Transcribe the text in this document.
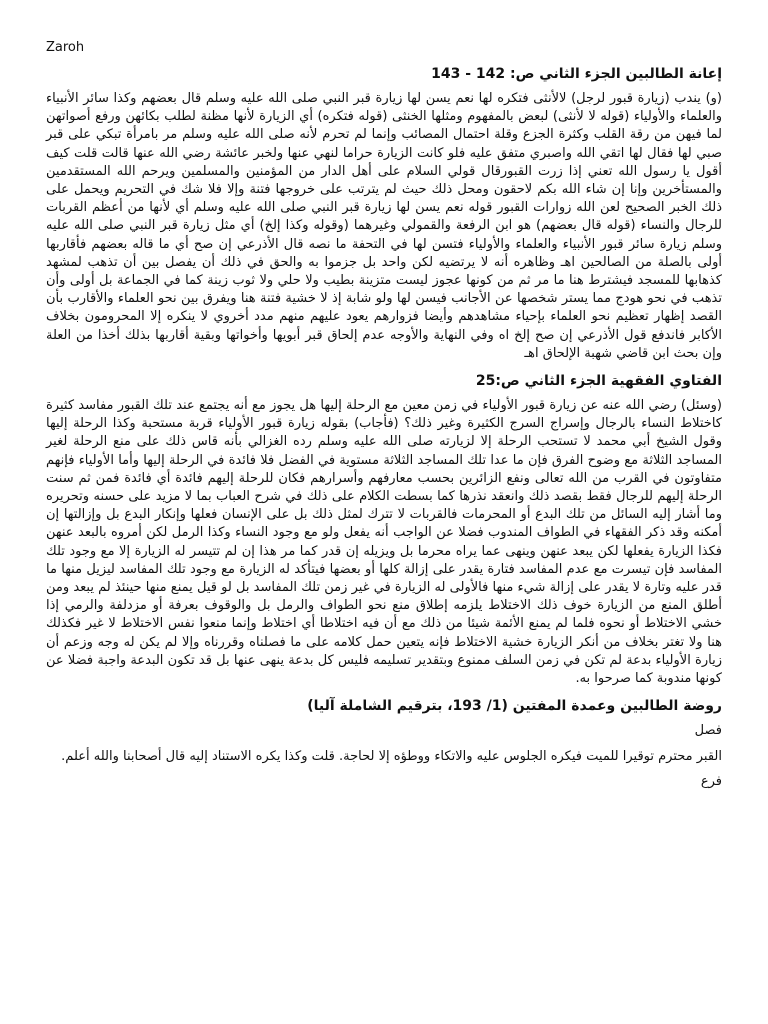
Zaroh
إعانة الطالبين الجزء الثاني ص: 142 - 143
(و) يندب (زيارة قبور لرجل) لالأنثى فتكره لها نعم يسن لها زيارة قبر النبي صلى الله عليه وسلم قال بعضهم وكذا سائر الأنبياء والعلماء والأولياء (قوله لا لأنثى) لبعض بالمفهوم ومثلها الخنثى (قوله فتكره) أي الزيارة لأنها مظنة لطلب بكائهن ورفع أصواتهن لما فيهن من رقة القلب وكثرة الجزع وقلة احتمال المصائب وإنما لم تحرم لأنه صلى الله عليه وسلم مر بامرأة تبكي على قبر صبي لها فقال لها اتقي الله واصبري متفق عليه فلو كانت الزيارة حراما لنهي عنها ولخبر عائشة رضي الله عنها قالت قلت كيف أقول يا رسول الله تعني إذا زرت القبورقال قولي السلام على أهل الدار من المؤمنين والمسلمين ويرحم الله المستقدمين والمستأخرين وإنا إن شاء الله بكم لاحقون ومحل ذلك حيث لم يترتب على خروجها فتنة وإلا فلا شك في التحريم ويحمل على ذلك الخبر الصحيح لعن الله زوارات القبور قوله نعم يسن لها زيارة قبر النبي صلى الله عليه وسلم أي لأنها من أعظم القربات للرجال والنساء (قوله قال بعضهم) هو ابن الرفعة والقمولي وغيرهما (وقوله وكذا إلخ) أي مثل زيارة قبر النبي صلى الله عليه وسلم زيارة سائر قبور الأنبياء والعلماء والأولياء فتسن لها في التحفة ما نصه قال الأذرعي إن صح أي ما قاله بعضهم فأقاربها أولى بالصلة من الصالحين اهـ وظاهره أنه لا يرتضيه لكن واحد بل جزموا به والحق في ذلك أن يفصل بين أن تذهب لمشهد كذهابها للمسجد فيشترط هنا ما مر ثم من كونها عجوز ليست متزينة بطيب ولا حلي ولا ثوب زينة كما في الجماعة بل أولى وأن تذهب في نحو هودج مما يستر شخصها عن الأجانب فيسن لها ولو شابة إذ لا خشية فتنة هنا ويفرق بين نحو العلماء والأقارب بأن القصد إظهار تعظيم نحو العلماء بإحياء مشاهدهم وأيضا فزوارهم يعود عليهم منهم مدد أخروي لا ينكره إلا المحرومون بخلاف الأكابر فاندفع قول الأذرعي إن صح إلخ اه وفي النهاية والأوجه عدم إلحاق قبر أبويها وأخواتها وبقية أقاربها بذلك أخذا من العلة وإن بحث ابن قاضي شهبة الإلحاق اهـ
الفتاوي الفقهية الجزء الثاني ص:25
(وسئل) رضي الله عنه عن زيارة قبور الأولياء في زمن معين مع الرحلة إليها هل يجوز مع أنه يجتمع عند تلك القبور مفاسد كثيرة كاختلاط النساء بالرجال وإسراج السرج الكثيرة وغير ذلك؟ (فأجاب) بقوله زيارة قبور الأولياء قربة مستحبة وكذا الرحلة إليها وقول الشيخ أبي محمد لا تستحب الرحلة إلا لزيارته صلى الله عليه وسلم رده الغزالي بأنه قاس ذلك على منع الرحلة لغير المساجد الثلاثة مع وضوح الفرق فإن ما عدا تلك المساجد الثلاثة مستوية في الفضل فلا فائدة في الرحلة إليها وأما الأولياء فإنهم متفاوتون في القرب من الله تعالى ونفع الزائرين بحسب معارفهم وأسرارهم فكان للرحلة إليهم فائدة أي فائدة فمن ثم سنت الرحلة إليهم للرجال فقط بقصد ذلك وانعقد نذرها كما بسطت الكلام على ذلك في شرح العباب بما لا مزيد على حسنه وتحريره وما أشار إليه السائل من تلك البدع أو المحرمات فالقربات لا تترك لمثل ذلك بل على الإنسان فعلها وإنكار البدع بل وإزالتها إن أمكنه وقد ذكر الفقهاء في الطواف المندوب فضلا عن الواجب أنه يفعل ولو مع وجود النساء وكذا الرمل لكن أمروه بالبعد عنهن فكذا الزيارة يفعلها لكن يبعد عنهن وينهى عما يراه محرما بل ويزيله إن قدر كما مر هذا إن لم تتيسر له الزيارة إلا مع وجود تلك المفاسد فإن تيسرت مع عدم المفاسد فتارة يقدر على إزالة كلها أو بعضها فيتأكد له الزيارة مع وجود تلك المفاسد ليزيل منها ما قدر عليه وتارة لا يقدر على إزالة شيء منها فالأولى له الزيارة في غير زمن تلك المفاسد بل لو قيل يمنع منها حينئذ لم يبعد ومن أطلق المنع من الزيارة خوف ذلك الاختلاط يلزمه إطلاق منع نحو الطواف والرمل بل والوقوف بعرفة أو مزدلفة والرمي إذا خشي الاختلاط أو نحوه فلما لم يمنع الأئمة شيئا من ذلك مع أن فيه اختلاطا أي اختلاط وإنما منعوا نفس الاختلاط لا غير فكذلك هنا ولا تغتر بخلاف من أنكر الزيارة خشية الاختلاط فإنه يتعين حمل كلامه على ما فصلناه وقررناه وإلا لم يكن له وجه وزعم أن زيارة الأولياء بدعة لم تكن في زمن السلف ممنوع وبتقدير تسليمه فليس كل بدعة ينهى عنها بل قد تكون البدعة واجبة فضلا عن كونها مندوبة كما صرحوا به.
روضة الطالبين وعمدة المفتين (1/ 193، بترقيم الشاملة آليا)
فصل
القبر محترم توقيرا للميت فيكره الجلوس عليه والاتكاء ووطؤه إلا لحاجة. قلت وكذا يكره الاستناد إليه قال أصحابنا والله أعلم.
فرع
